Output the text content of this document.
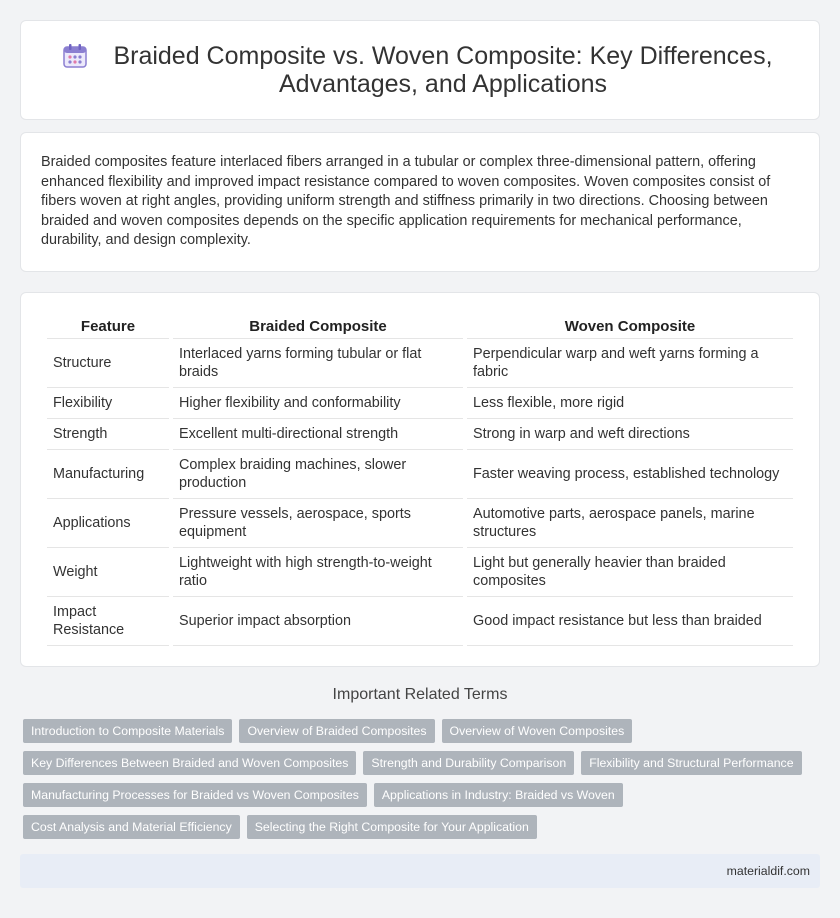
Braided Composite vs. Woven Composite: Key Differences, Advantages, and Applications

Braided composites feature interlaced fibers arranged in a tubular or complex three-dimensional pattern, offering enhanced flexibility and improved impact resistance compared to woven composites. Woven composites consist of fibers woven at right angles, providing uniform strength and stiffness primarily in two directions. Choosing between braided and woven composites depends on the specific application requirements for mechanical performance, durability, and design complexity.

Feature	Braided Composite	Woven Composite
Structure	Interlaced yarns forming tubular or flat braids	Perpendicular warp and weft yarns forming a fabric
Flexibility	Higher flexibility and conformability	Less flexible, more rigid
Strength	Excellent multi-directional strength	Strong in warp and weft directions
Manufacturing	Complex braiding machines, slower production	Faster weaving process, established technology
Applications	Pressure vessels, aerospace, sports equipment	Automotive parts, aerospace panels, marine structures
Weight	Lightweight with high strength-to-weight ratio	Light but generally heavier than braided composites
Impact Resistance	Superior impact absorption	Good impact resistance but less than braided
Important Related Terms
Introduction to Composite Materials	Overview of Braided Composites	Overview of Woven Composites
Key Differences Between Braided and Woven Composites	Strength and Durability Comparison	Flexibility and Structural Performance
Manufacturing Processes for Braided vs Woven Composites	Applications in Industry: Braided vs Woven
Cost Analysis and Material Efficiency	Selecting the Right Composite for Your Application
materialdif.com
